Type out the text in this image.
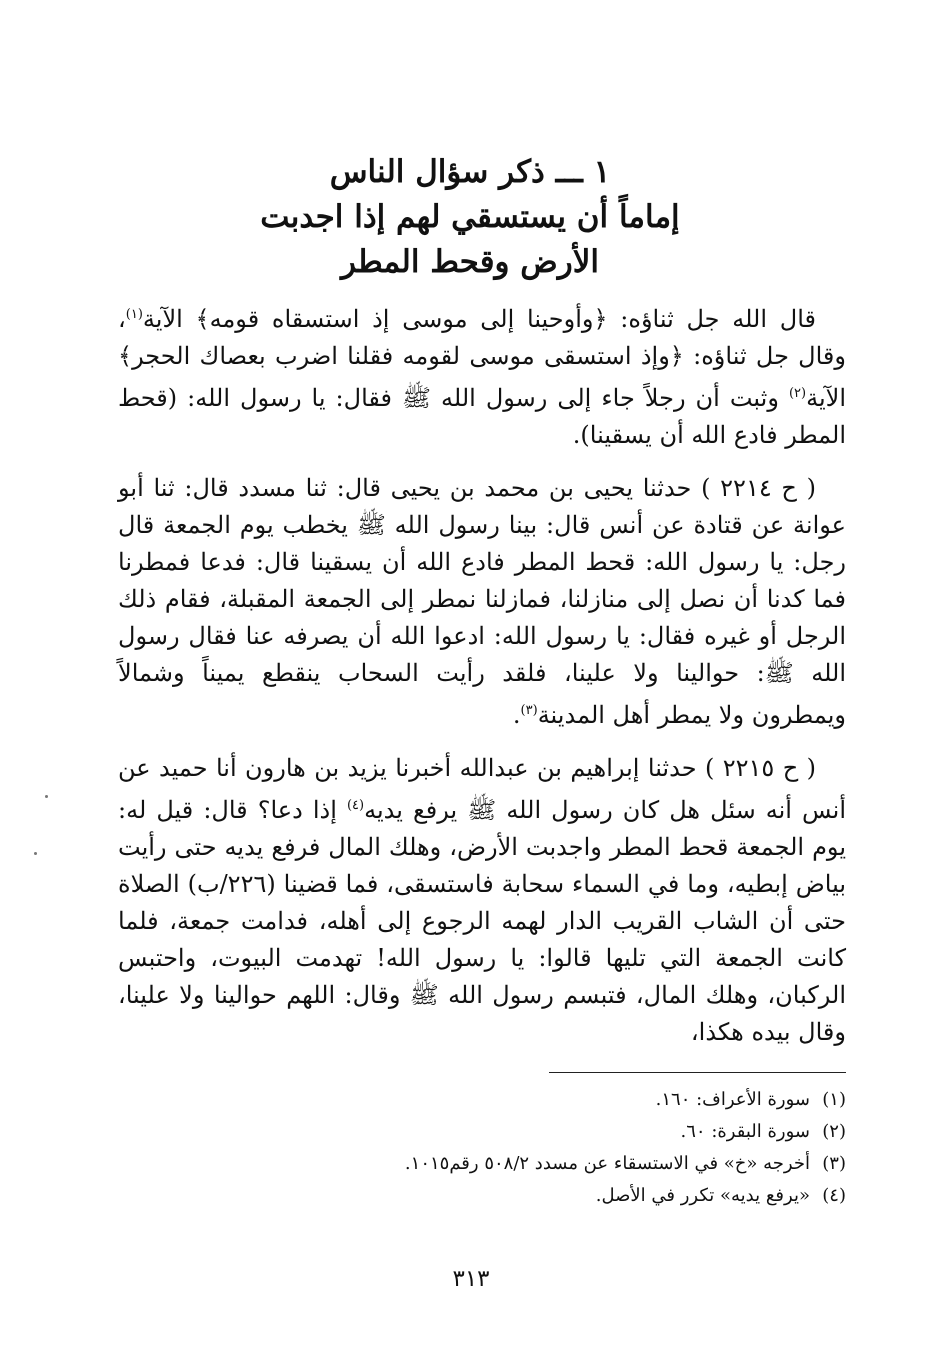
١ ـــ ذكر سؤال الناس
إماماً أن يستسقي لهم إذا اجدبت
الأرض وقحط المطر

قال الله جل ثناؤه: ﴿وأوحينا إلى موسى إذ استسقاه قومه﴾ الآية$^{(١)}$، وقال جل ثناؤه: ﴿وإذ استسقى موسى لقومه فقلنا اضرب بعصاك الحجر﴾ الآية$^{(٢)}$ وثبت أن رجلاً جاء إلى رسول الله ﷺ فقال: يا رسول الله: (قحط المطر فادع الله أن يسقينا).

( ح ٢٢١٤ ) حدثنا يحيى بن محمد بن يحيى قال: ثنا مسدد قال: ثنا أبو عوانة عن قتادة عن أنس قال: بينا رسول الله ﷺ يخطب يوم الجمعة قال رجل: يا رسول الله: قحط المطر فادع الله أن يسقينا قال: فدعا فمطرنا فما كدنا أن نصل إلى منازلنا، فمازلنا نمطر إلى الجمعة المقبلة، فقام ذلك الرجل أو غيره فقال: يا رسول الله: ادعوا الله أن يصرفه عنا فقال رسول الله ﷺ: حوالينا ولا علينا، فلقد رأيت السحاب ينقطع يميناً وشمالاً ويمطرون ولا يمطر أهل المدينة$^{(٣)}$.

( ح ٢٢١٥ ) حدثنا إبراهيم بن عبدالله أخبرنا يزيد بن هارون أنا حميد عن أنس أنه سئل هل كان رسول الله ﷺ يرفع يديه$^{(٤)}$ إذا دعا؟ قال: قيل له: يوم الجمعة قحط المطر واجدبت الأرض، وهلك المال فرفع يديه حتى رأيت بياض إبطيه، وما في السماء سحابة فاستسقى، فما قضينا (٢٢٦/ب) الصلاة حتى أن الشاب القريب الدار لهمه الرجوع إلى أهله، فدامت جمعة، فلما كانت الجمعة التي تليها قالوا: يا رسول الله! تهدمت البيوت، واحتبس الركبان، وهلك المال، فتبسم رسول الله ﷺ وقال: اللهم حوالينا ولا علينا، وقال بيده هكذا،

(١)سورة الأعراف: ١٦٠.
(٢)سورة البقرة: ٦٠.
(٣)أخرجه «خ» في الاستسقاء عن مسدد ٥٠٨/٢ رقم١٠١٥.
(٤)«يرفع يديه» تكرر في الأصل.
٣١٣
